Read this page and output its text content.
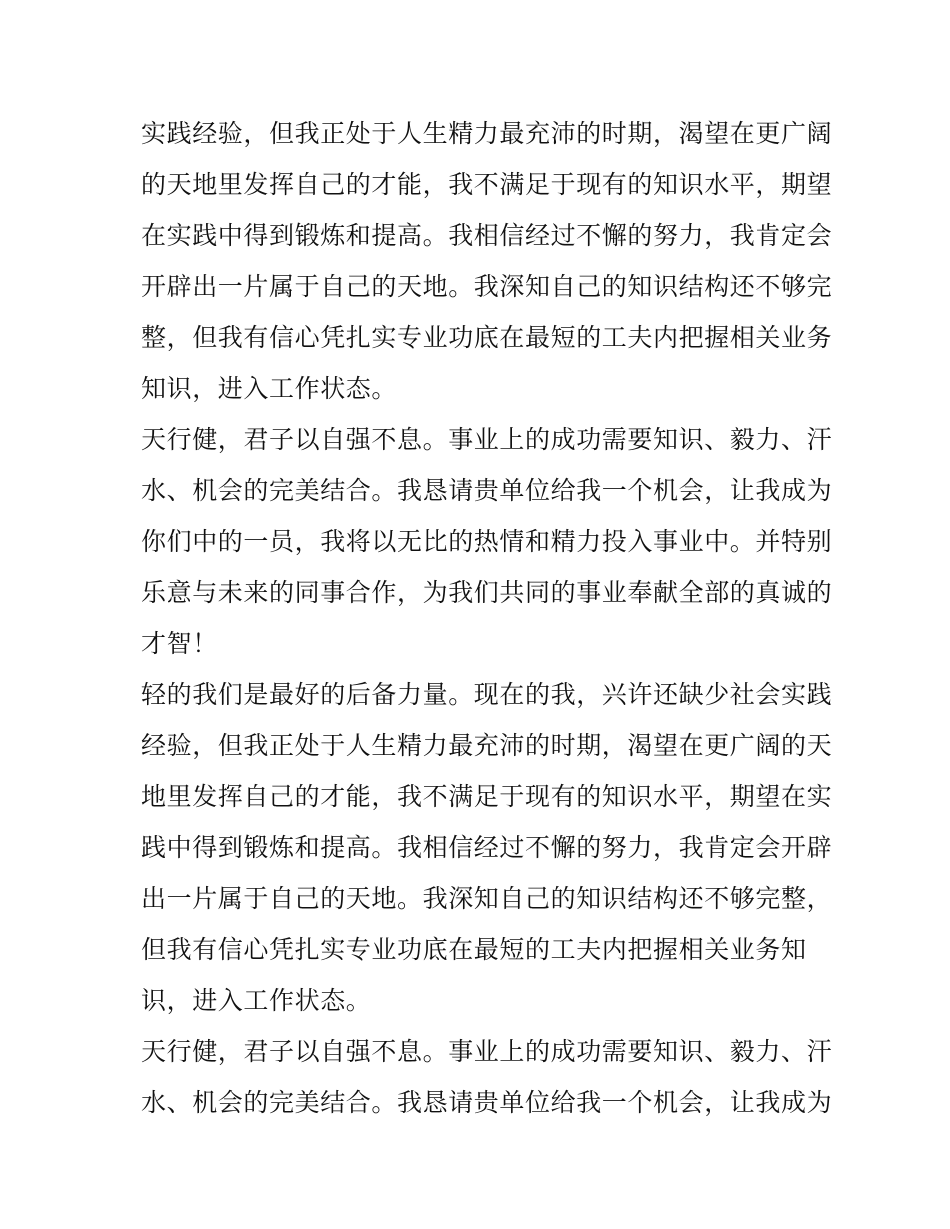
实践经验，但我正处于人生精力最充沛的时期，渴望在更广阔
的天地里发挥自己的才能，我不满足于现有的知识水平，期望
在实践中得到锻炼和提高。我相信经过不懈的努力，我肯定会
开辟出一片属于自己的天地。我深知自己的知识结构还不够完
整，但我有信心凭扎实专业功底在最短的工夫内把握相关业务
知识，进入工作状态。
天行健，君子以自强不息。事业上的成功需要知识、毅力、汗
水、机会的完美结合。我恳请贵单位给我一个机会，让我成为
你们中的一员，我将以无比的热情和精力投入事业中。并特别
乐意与未来的同事合作，为我们共同的事业奉献全部的真诚的
才智！
轻的我们是最好的后备力量。现在的我，兴许还缺少社会实践
经验，但我正处于人生精力最充沛的时期，渴望在更广阔的天
地里发挥自己的才能，我不满足于现有的知识水平，期望在实
践中得到锻炼和提高。我相信经过不懈的努力，我肯定会开辟
出一片属于自己的天地。我深知自己的知识结构还不够完整，
但我有信心凭扎实专业功底在最短的工夫内把握相关业务知
识，进入工作状态。
天行健，君子以自强不息。事业上的成功需要知识、毅力、汗
水、机会的完美结合。我恳请贵单位给我一个机会，让我成为
